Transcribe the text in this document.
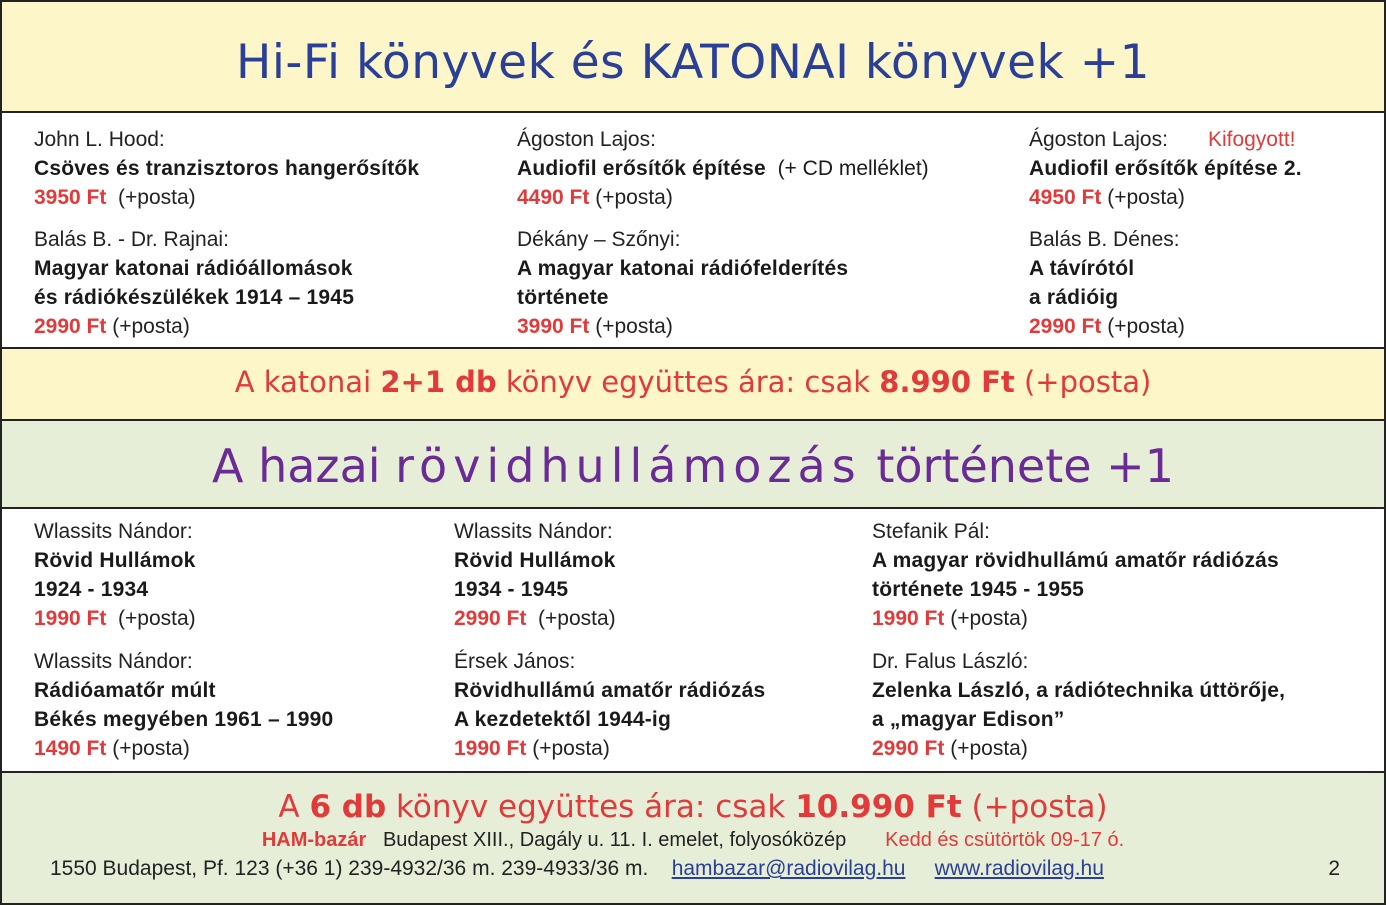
Hi-Fi könyvek és KATONAI könyvek +1
John L. Hood:
Csöves és tranzisztoros hangerősítők
3950 Ft (+posta)
Ágoston Lajos:
Audiofil erősítők építése (+ CD melléklet)
4490 Ft (+posta)
Ágoston Lajos: Kifogyott!
Audiofil erősítők építése 2.
4950 Ft (+posta)
Balás B. - Dr. Rajnai:
Magyar katonai rádióállomások
és rádiókészülékek 1914 – 1945
2990 Ft (+posta)
Dékány – Szőnyi:
A magyar katonai rádiófelderítés
története
3990 Ft (+posta)
Balás B. Dénes:
A távírótól
a rádióig
2990 Ft (+posta)
A katonai 2+1 db könyv együttes ára: csak 8.990 Ft (+posta)
A hazai rövidhullámozás története +1
Wlassits Nándor:
Rövid Hullámok
1924 - 1934
1990 Ft (+posta)
Wlassits Nándor:
Rövid Hullámok
1934 - 1945
2990 Ft (+posta)
Stefanik Pál:
A magyar rövidhullámú amatőr rádiózás
története 1945 - 1955
1990 Ft (+posta)
Wlassits Nándor:
Rádióamatőr múlt
Békés megyében 1961 – 1990
1490 Ft (+posta)
Érsek János:
Rövidhullámú amatőr rádiózás
A kezdetektől 1944-ig
1990 Ft (+posta)
Dr. Falus László:
Zelenka László, a rádiótechnika úttörője,
a „magyar Edison”
2990 Ft (+posta)
A 6 db könyv együttes ára: csak 10.990 Ft (+posta)
HAM-bazár Budapest XIII., Dagály u. 11. I. emelet, folyosóközép Kedd és csütörtök 09-17 ó.
1550 Budapest, Pf. 123 (+36 1) 239-4932/36 m. 239-4933/36 m. hambazar@radiovilag.hu www.radiovilag.hu	2
